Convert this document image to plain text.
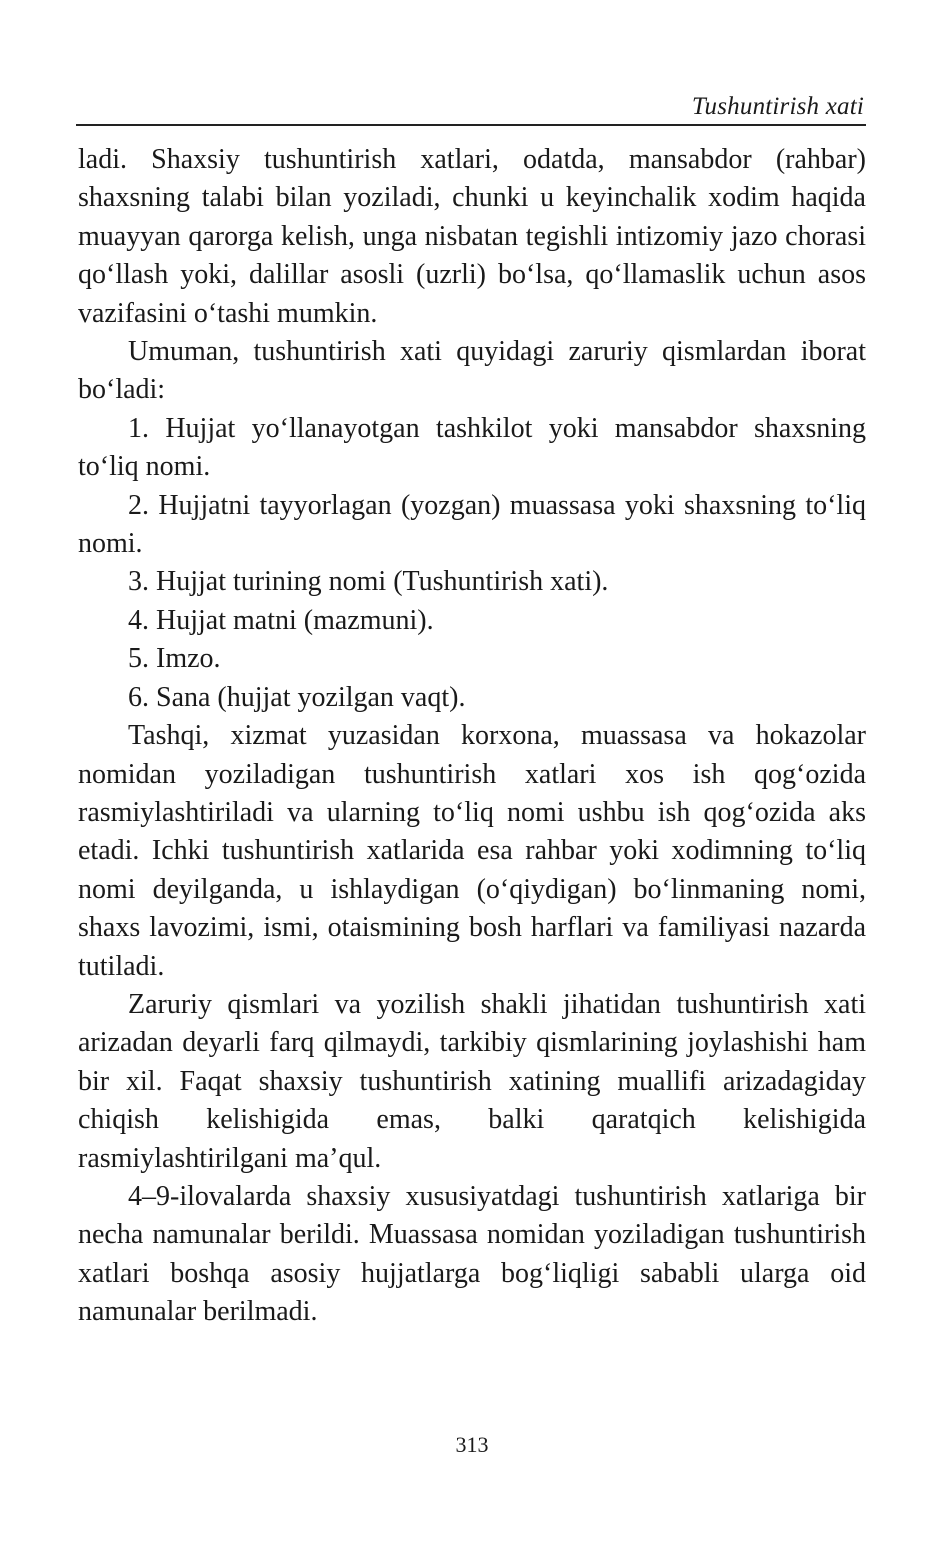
Tushuntirish xati

ladi. Shaxsiy tushuntirish xatlari, odatda, mansabdor (rahbar) shaxsning talabi bilan yoziladi, chunki u keyinchalik xodim haqida muayyan qarorga kelish, unga nisbatan tegishli intizomiy jazo chorasi qo‘llash yoki, dalillar asosli (uzrli) bo‘lsa, qo‘llamaslik uchun asos vazifasini o‘tashi mumkin.

Umuman, tushuntirish xati quyidagi zaruriy qismlardan iborat bo‘ladi:

1. Hujjat yo‘llanayotgan tashkilot yoki mansabdor shaxsning to‘liq nomi.

2. Hujjatni tayyorlagan (yozgan) muassasa yoki shaxsning to‘liq nomi.

3. Hujjat turining nomi (Tushuntirish xati).

4. Hujjat matni (mazmuni).

5. Imzo.

6. Sana (hujjat yozilgan vaqt).

Tashqi, xizmat yuzasidan korxona, muassasa va hokazolar nomidan yoziladigan tushuntirish xatlari xos ish qog‘ozida rasmiylashtiriladi va ularning to‘liq nomi ushbu ish qog‘ozida aks etadi. Ichki tushuntirish xatlarida esa rahbar yoki xodimning to‘liq nomi deyilganda, u ishlaydigan (o‘qiydigan) bo‘linmaning nomi, shaxs lavozimi, ismi, otaismining bosh harflari va familiyasi nazarda tutiladi.

Zaruriy qismlari va yozilish shakli jihatidan tushuntirish xati arizadan deyarli farq qilmaydi, tarkibiy qismlarining joylashishi ham bir xil. Faqat shaxsiy tushuntirish xatining muallifi arizadagiday chiqish kelishigida emas, balki qaratqich kelishigida rasmiylashtirilgani ma’qul.

4–9-ilovalarda shaxsiy xususiyatdagi tushuntirish xatlariga bir necha namunalar berildi. Muassasa nomidan yoziladigan tushuntirish xatlari boshqa asosiy hujjatlarga bog‘liqligi sababli ularga oid namunalar berilmadi.

313
